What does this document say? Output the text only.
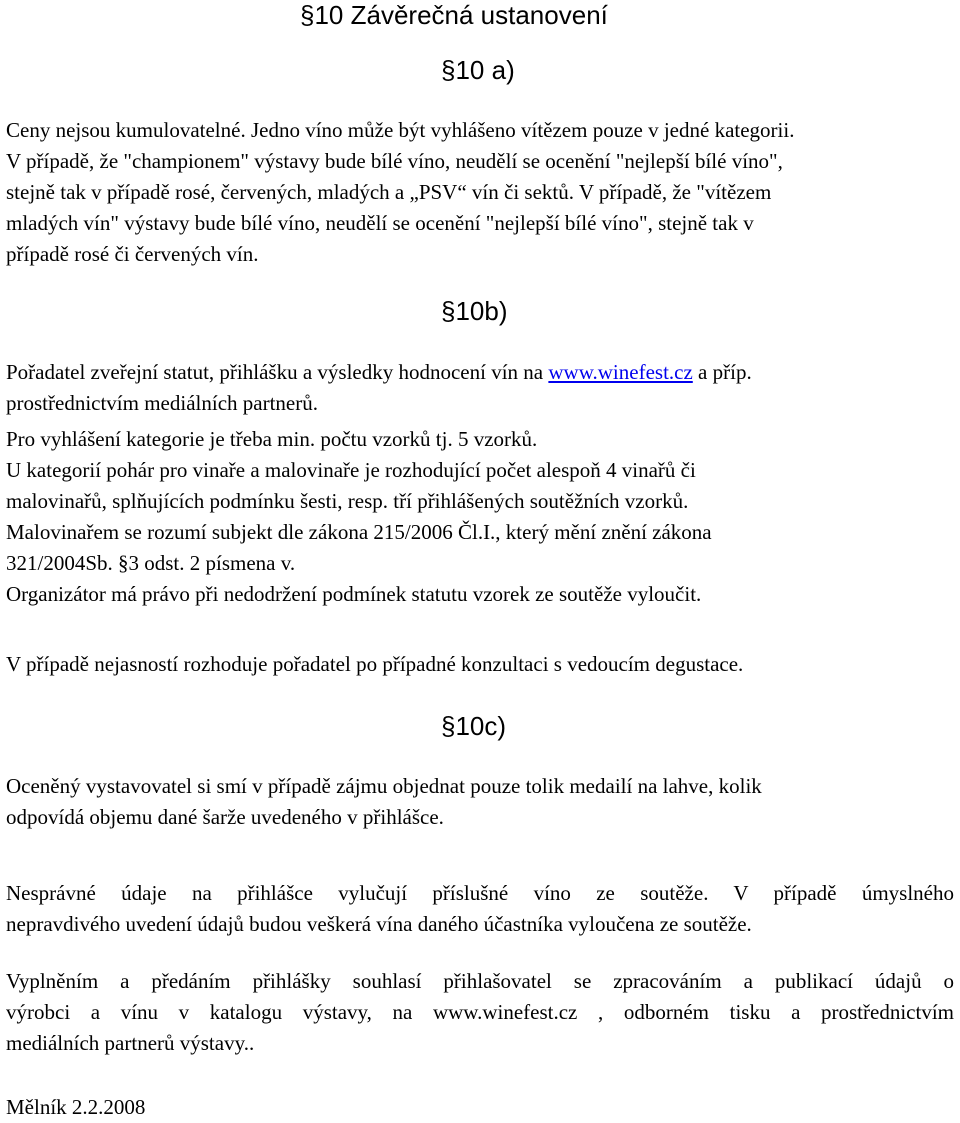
§10 Závěrečná ustanovení
§10 a)
Ceny nejsou kumulovatelné. Jedno víno může být vyhlášeno vítězem pouze v jedné kategorii.
V případě, že "championem" výstavy bude bílé víno, neudělí se ocenění "nejlepší bílé víno",
stejně tak v případě rosé, červených, mladých a „PSV“ vín či sektů. V případě, že "vítězem
mladých vín" výstavy bude bílé víno, neudělí se ocenění "nejlepší bílé víno", stejně tak v
případě rosé či červených vín.
§10b)
Pořadatel zveřejní statut, přihlášku a výsledky hodnocení vín na www.winefest.cz a příp.
prostřednictvím mediálních partnerů.
Pro vyhlášení kategorie je třeba min. počtu vzorků tj. 5 vzorků.
U kategorií pohár pro vinaře a malovinaře je rozhodující počet alespoň 4 vinařů či
malovinařů, splňujících podmínku šesti, resp. tří přihlášených soutěžních vzorků.
Malovinařem se rozumí subjekt dle zákona 215/2006 Čl.I., který mění znění zákona
321/2004Sb. §3 odst. 2 písmena v.
Organizátor má právo při nedodržení podmínek statutu vzorek ze soutěže vyloučit.
V případě nejasností rozhoduje pořadatel po případné konzultaci s vedoucím degustace.
§10c)
Oceněný vystavovatel si smí v případě zájmu objednat pouze tolik medailí na lahve, kolik
odpovídá objemu dané šarže uvedeného v přihlášce.
Nesprávné údaje na přihlášce vylučují příslušné víno ze soutěže. V případě úmyslného
nepravdivého uvedení údajů budou veškerá vína daného účastníka vyloučena ze soutěže.
Vyplněním a předáním přihlášky souhlasí přihlašovatel se zpracováním a publikací údajů o
výrobci a vínu v katalogu výstavy, na www.winefest.cz , odborném tisku a prostřednictvím
mediálních partnerů výstavy..
Mělník 2.2.2008
